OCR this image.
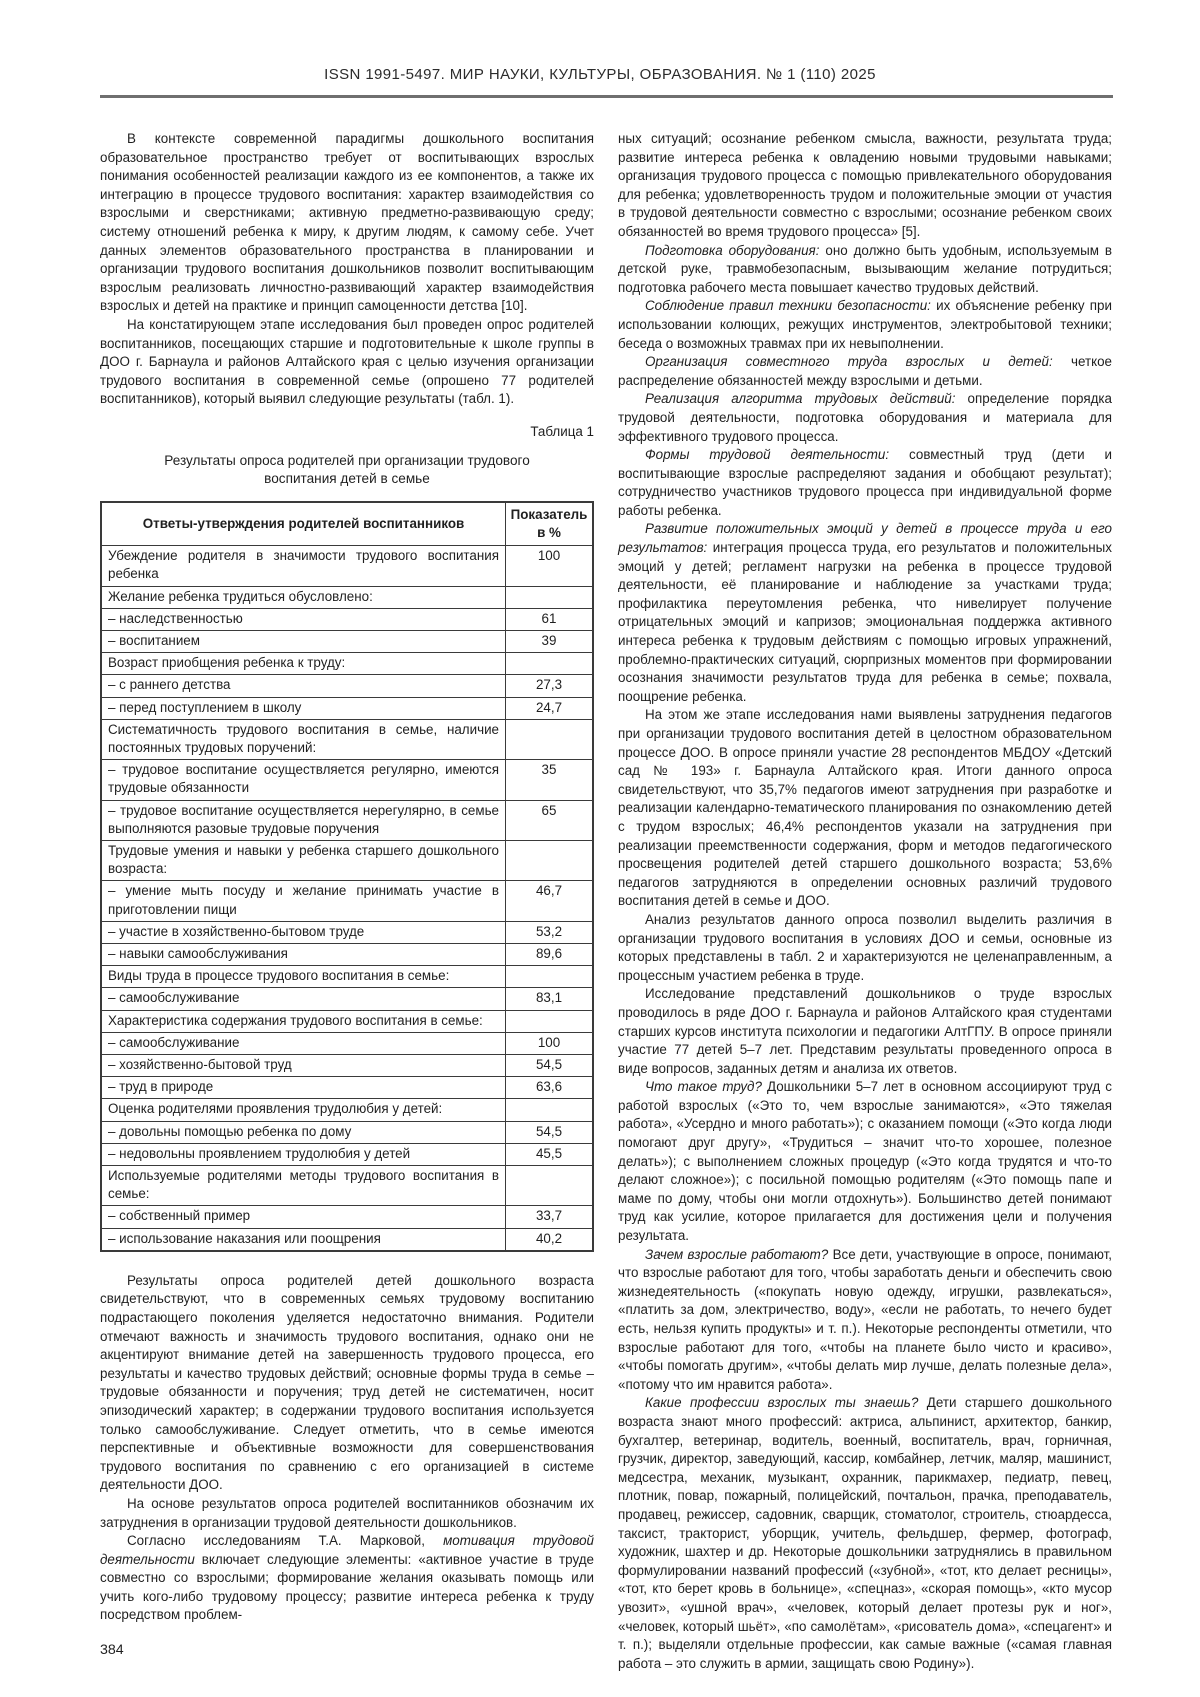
ISSN 1991-5497. МИР НАУКИ, КУЛЬТУРЫ, ОБРАЗОВАНИЯ. № 1 (110) 2025

В контексте современной парадигмы дошкольного воспитания образовательное пространство требует от воспитывающих взрослых понимания особенностей реализации каждого из ее компонентов, а также их интеграцию в процессе трудового воспитания: характер взаимодействия со взрослыми и сверстниками; активную предметно-развивающую среду; систему отношений ребенка к миру, к другим людям, к самому себе. Учет данных элементов образовательного пространства в планировании и организации трудового воспитания дошкольников позволит воспитывающим взрослым реализовать личностно-развивающий характер взаимодействия взрослых и детей на практике и принцип самоценности детства [10].

На констатирующем этапе исследования был проведен опрос родителей воспитанников, посещающих старшие и подготовительные к школе группы в ДОО г. Барнаула и районов Алтайского края с целью изучения организации трудового воспитания в современной семье (опрошено 77 родителей воспитанников), который выявил следующие результаты (табл. 1).

Таблица 1
Результаты опроса родителей при организации трудового воспитания детей в семье
Ответы-утверждения родителей воспитанников	Показатель в %
Убеждение родителя в значимости трудового воспитания ребенка	100
Желание ребенка трудиться обусловлено:	
– наследственностью	61
– воспитанием	39
Возраст приобщения ребенка к труду:	
– с раннего детства	27,3
– перед поступлением в школу	24,7
Систематичность трудового воспитания в семье, наличие постоянных трудовых поручений:	
– трудовое воспитание осуществляется регулярно, имеются трудовые обязанности	35
– трудовое воспитание осуществляется нерегулярно, в семье выполняются разовые трудовые поручения	65
Трудовые умения и навыки у ребенка старшего дошкольного возраста:	
– умение мыть посуду и желание принимать участие в приготовлении пищи	46,7
– участие в хозяйственно-бытовом труде	53,2
– навыки самообслуживания	89,6
Виды труда в процессе трудового воспитания в семье:	
– самообслуживание	83,1
Характеристика содержания трудового воспитания в семье:	
– самообслуживание	100
– хозяйственно-бытовой труд	54,5
– труд в природе	63,6
Оценка родителями проявления трудолюбия у детей:	
– довольны помощью ребенка по дому	54,5
– недовольны проявлением трудолюбия у детей	45,5
Используемые родителями методы трудового воспитания в семье:	
– собственный пример	33,7
– использование наказания или поощрения	40,2

Результаты опроса родителей детей дошкольного возраста свидетельствуют, что в современных семьях трудовому воспитанию подрастающего поколения уделяется недостаточно внимания. Родители отмечают важность и значимость трудового воспитания, однако они не акцентируют внимание детей на завершенность трудового процесса, его результаты и качество трудовых действий; основные формы труда в семье – трудовые обязанности и поручения; труд детей не систематичен, носит эпизодический характер; в содержании трудового воспитания используется только самообслуживание. Следует отметить, что в семье имеются перспективные и объективные возможности для совершенствования трудового воспитания по сравнению с его организацией в системе деятельности ДОО.

На основе результатов опроса родителей воспитанников обозначим их затруднения в организации трудовой деятельности дошкольников.

Согласно исследованиям Т.А. Марковой, мотивация трудовой деятельности включает следующие элементы: «активное участие в труде совместно со взрослыми; формирование желания оказывать помощь или учить кого-либо трудовому процессу; развитие интереса ребенка к труду посредством проблем-

384

ных ситуаций; осознание ребенком смысла, важности, результата труда; развитие интереса ребенка к овладению новыми трудовыми навыками; организация трудового процесса с помощью привлекательного оборудования для ребенка; удовлетворенность трудом и положительные эмоции от участия в трудовой деятельности совместно с взрослыми; осознание ребенком своих обязанностей во время трудового процесса» [5].

Подготовка оборудования: оно должно быть удобным, используемым в детской руке, травмобезопасным, вызывающим желание потрудиться; подготовка рабочего места повышает качество трудовых действий.

Соблюдение правил техники безопасности: их объяснение ребенку при использовании колющих, режущих инструментов, электробытовой техники; беседа о возможных травмах при их невыполнении.

Организация совместного труда взрослых и детей: четкое распределение обязанностей между взрослыми и детьми.

Реализация алгоритма трудовых действий: определение порядка трудовой деятельности, подготовка оборудования и материала для эффективного трудового процесса.

Формы трудовой деятельности: совместный труд (дети и воспитывающие взрослые распределяют задания и обобщают результат); сотрудничество участников трудового процесса при индивидуальной форме работы ребенка.

Развитие положительных эмоций у детей в процессе труда и его результатов: интеграция процесса труда, его результатов и положительных эмоций у детей; регламент нагрузки на ребенка в процессе трудовой деятельности, её планирование и наблюдение за участками труда; профилактика переутомления ребенка, что нивелирует получение отрицательных эмоций и капризов; эмоциональная поддержка активного интереса ребенка к трудовым действиям с помощью игровых упражнений, проблемно-практических ситуаций, сюрпризных моментов при формировании осознания значимости результатов труда для ребенка в семье; похвала, поощрение ребенка.

На этом же этапе исследования нами выявлены затруднения педагогов при организации трудового воспитания детей в целостном образовательном процессе ДОО. В опросе приняли участие 28 респондентов МБДОУ «Детский сад № 193» г. Барнаула Алтайского края. Итоги данного опроса свидетельствуют, что 35,7% педагогов имеют затруднения при разработке и реализации календарно-тематического планирования по ознакомлению детей с трудом взрослых; 46,4% респондентов указали на затруднения при реализации преемственности содержания, форм и методов педагогического просвещения родителей детей старшего дошкольного возраста; 53,6% педагогов затрудняются в определении основных различий трудового воспитания детей в семье и ДОО.

Анализ результатов данного опроса позволил выделить различия в организации трудового воспитания в условиях ДОО и семьи, основные из которых представлены в табл. 2 и характеризуются не целенаправленным, а процессным участием ребенка в труде.

Исследование представлений дошкольников о труде взрослых проводилось в ряде ДОО г. Барнаула и районов Алтайского края студентами старших курсов института психологии и педагогики АлтГПУ. В опросе приняли участие 77 детей 5–7 лет. Представим результаты проведенного опроса в виде вопросов, заданных детям и анализа их ответов.

Что такое труд? Дошкольники 5–7 лет в основном ассоциируют труд с работой взрослых («Это то, чем взрослые занимаются», «Это тяжелая работа», «Усердно и много работать»); с оказанием помощи («Это когда люди помогают друг другу», «Трудиться – значит что-то хорошее, полезное делать»); с выполнением сложных процедур («Это когда трудятся и что-то делают сложное»); с посильной помощью родителям («Это помощь папе и маме по дому, чтобы они могли отдохнуть»). Большинство детей понимают труд как усилие, которое прилагается для достижения цели и получения результата.

Зачем взрослые работают? Все дети, участвующие в опросе, понимают, что взрослые работают для того, чтобы заработать деньги и обеспечить свою жизнедеятельность («покупать новую одежду, игрушки, развлекаться», «платить за дом, электричество, воду», «если не работать, то нечего будет есть, нельзя купить продукты» и т. п.). Некоторые респонденты отметили, что взрослые работают для того, «чтобы на планете было чисто и красиво», «чтобы помогать другим», «чтобы делать мир лучше, делать полезные дела», «потому что им нравится работа».

Какие профессии взрослых ты знаешь? Дети старшего дошкольного возраста знают много профессий: актриса, альпинист, архитектор, банкир, бухгалтер, ветеринар, водитель, военный, воспитатель, врач, горничная, грузчик, директор, заведующий, кассир, комбайнер, летчик, маляр, машинист, медсестра, механик, музыкант, охранник, парикмахер, педиатр, певец, плотник, повар, пожарный, полицейский, почтальон, прачка, преподаватель, продавец, режиссер, садовник, сварщик, стоматолог, строитель, стюардесса, таксист, тракторист, уборщик, учитель, фельдшер, фермер, фотограф, художник, шахтер и др. Некоторые дошкольники затруднялись в правильном формулировании названий профессий («зубной», «тот, кто делает ресницы», «тот, кто берет кровь в больнице», «спецназ», «скорая помощь», «кто мусор увозит», «ушной врач», «человек, который делает протезы рук и ног», «человек, который шьёт», «по самолётам», «рисователь дома», «спецагент» и т. п.); выделяли отдельные профессии, как самые важные («самая главная работа – это служить в армии, защищать свою Родину»).
